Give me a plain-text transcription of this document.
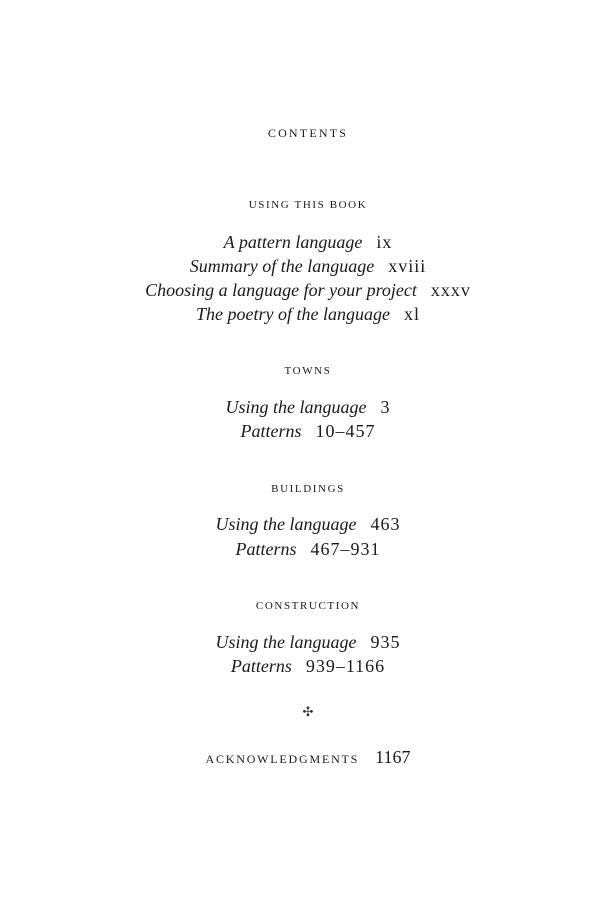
CONTENTS
USING THIS BOOK
A pattern language ix
Summary of the language xviii
Choosing a language for your project xxxv
The poetry of the language xl
TOWNS
Using the language 3
Patterns 10–457
BUILDINGS
Using the language 463
Patterns 467–931
CONSTRUCTION
Using the language 935
Patterns 939–1166
✣
ACKNOWLEDGMENTS 1167
